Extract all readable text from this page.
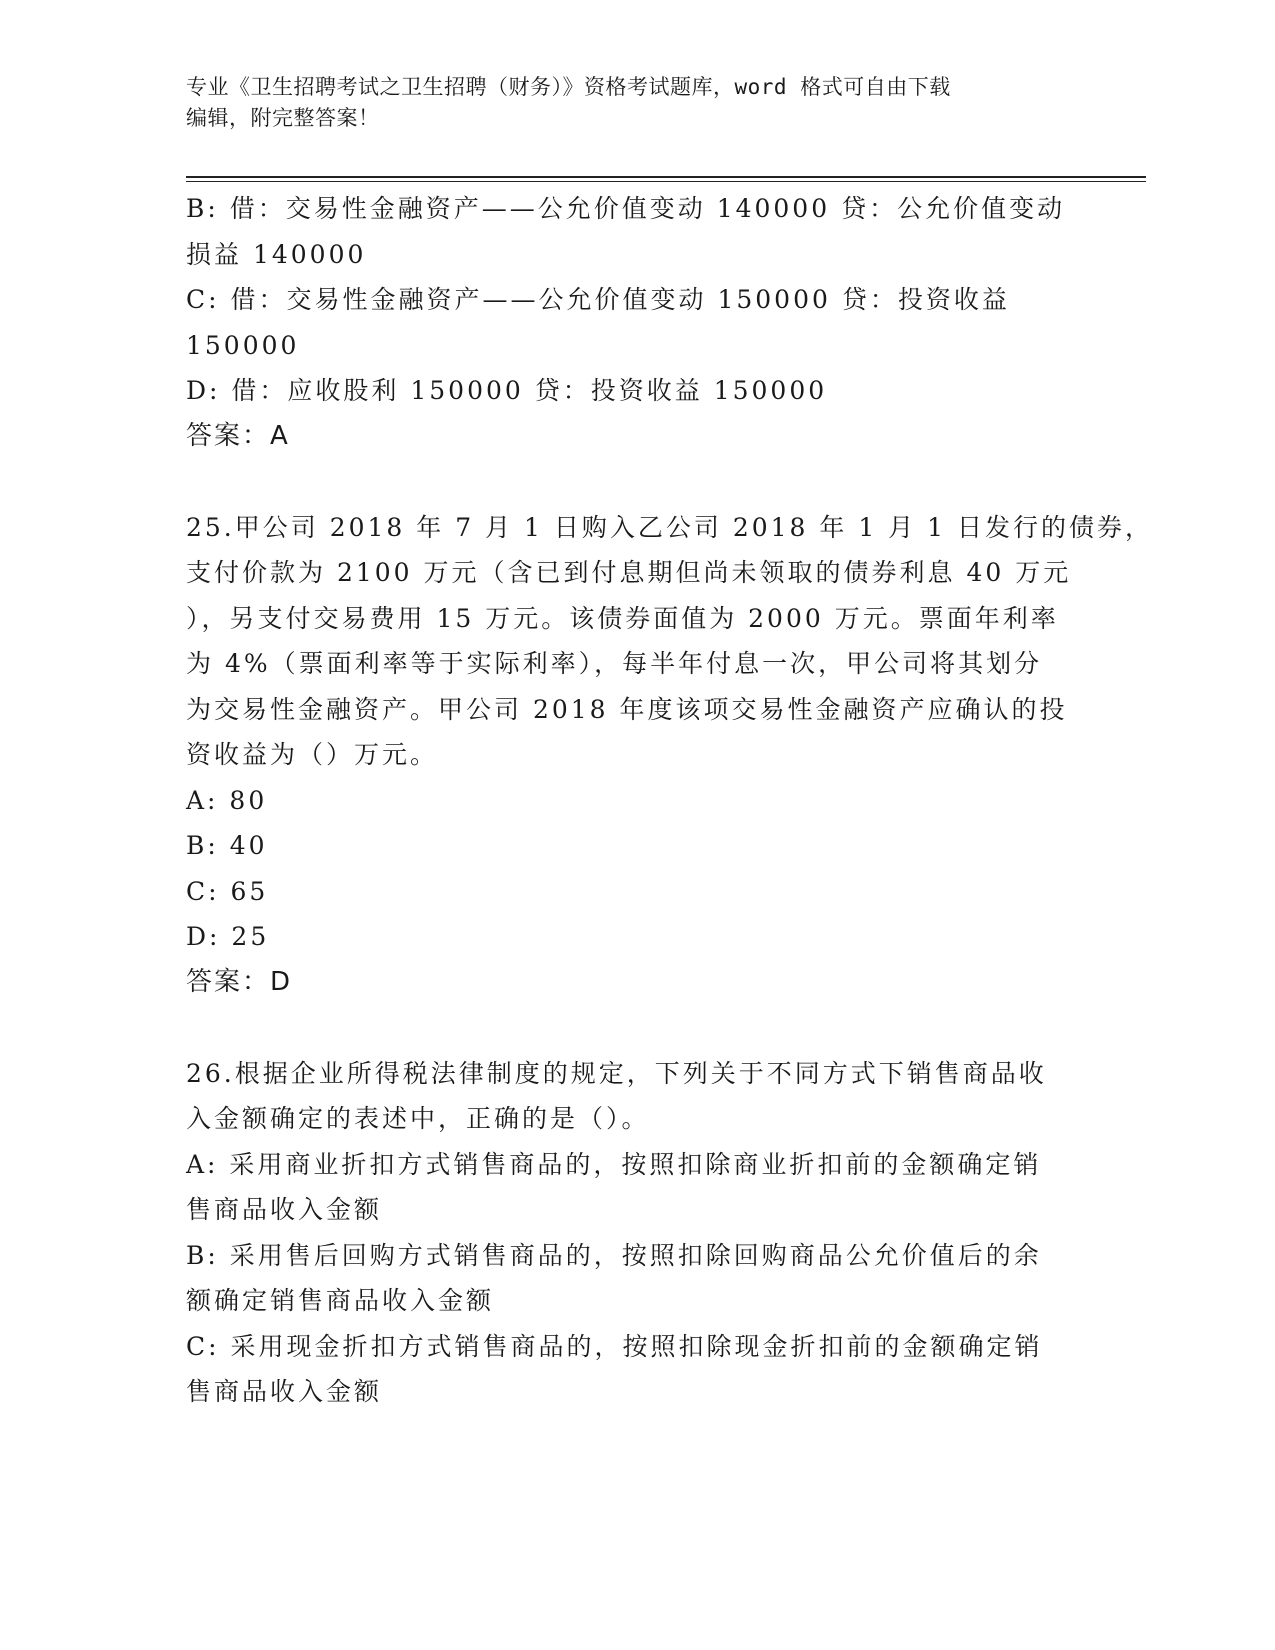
专业《卫生招聘考试之卫生招聘（财务）》资格考试题库，word 格式可自由下载
编辑，附完整答案！

B: 借：交易性金融资产——公允价值变动 140000 贷：公允价值变动

损益 140000

C: 借：交易性金融资产——公允价值变动 150000 贷：投资收益

150000

D: 借：应收股利 150000 贷：投资收益 150000

答案：A

25.甲公司 2018 年 7 月 1 日购入乙公司 2018 年 1 月 1 日发行的债券，

支付价款为 2100 万元（含已到付息期但尚未领取的债券利息 40 万元

），另支付交易费用 15 万元。该债券面值为 2000 万元。票面年利率

为 4%（票面利率等于实际利率），每半年付息一次，甲公司将其划分

为交易性金融资产。甲公司 2018 年度该项交易性金融资产应确认的投

资收益为（）万元。

A: 80

B: 40

C: 65

D: 25

答案：D

26.根据企业所得税法律制度的规定，下列关于不同方式下销售商品收

入金额确定的表述中，正确的是（）。

A: 采用商业折扣方式销售商品的，按照扣除商业折扣前的金额确定销

售商品收入金额

B: 采用售后回购方式销售商品的，按照扣除回购商品公允价值后的余

额确定销售商品收入金额

C: 采用现金折扣方式销售商品的，按照扣除现金折扣前的金额确定销

售商品收入金额
